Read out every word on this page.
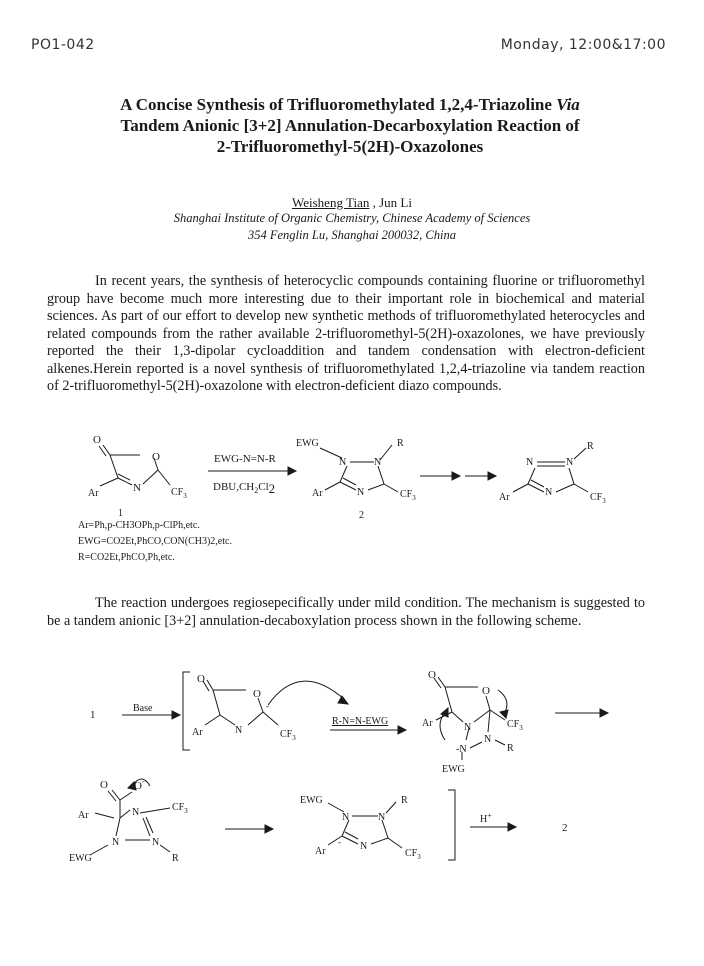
PO1-042	Monday, 12:00&17:00
A Concise Synthesis of Trifluoromethylated 1,2,4-Triazoline Via
Tandem Anionic [3+2] Annulation-Decarboxylation Reaction of
2-Trifluoromethyl-5(2H)-Oxazolones
Weisheng Tian , Jun Li
Shanghai Institute of Organic Chemistry, Chinese Academy of Sciences
354 Fenglin Lu, Shanghai 200032, China

In recent years, the synthesis of heterocyclic compounds containing fluorine or trifluoromethyl group have become much more interesting due to their important role in biochemical and material sciences. As part of our effort to develop new synthetic methods of trifluoromethylated heterocycles and related compounds from the rather available 2-trifluoromethyl-5(2H)-oxazolones, we have previously reported the their 1,3-dipolar cycloaddition and tandem condensation with electron-deficient alkenes.Herein reported is a novel synthesis of trifluoromethylated 1,2,4-triazoline via tandem reaction of 2-trifluoromethyl-5(2H)-oxazolone with electron-deficient diazo compounds.

O
O
N
Ar	$CF_3$
1
EWG-N=N-R
$DBU,CH_2Cl2$
EWG	R
N	N
N
Ar	$CF_3$
2
R
N	N
N
Ar	$CF_3$
1
Base
O
O
N
Ar	$CF_3$
-
R-N=N-EWG
O
O
N
Ar	$CF_3$
N
R
-N
EWG
O O-
Ar	N	$CF_3$
N	N
EWG	R
EWG	R
N	N
N
Ar
-
$CF_3$
H+
2
Ar=Ph,p-CH3OPh,p-ClPh,etc.
EWG=CO2Et,PhCO,CON(CH3)2,etc.
R=CO2Et,PhCO,Ph,etc.

The reaction undergoes regiosepecifically under mild condition. The mechanism is suggested to be a tandem anionic [3+2] annulation-decaboxylation process shown in the following scheme.
